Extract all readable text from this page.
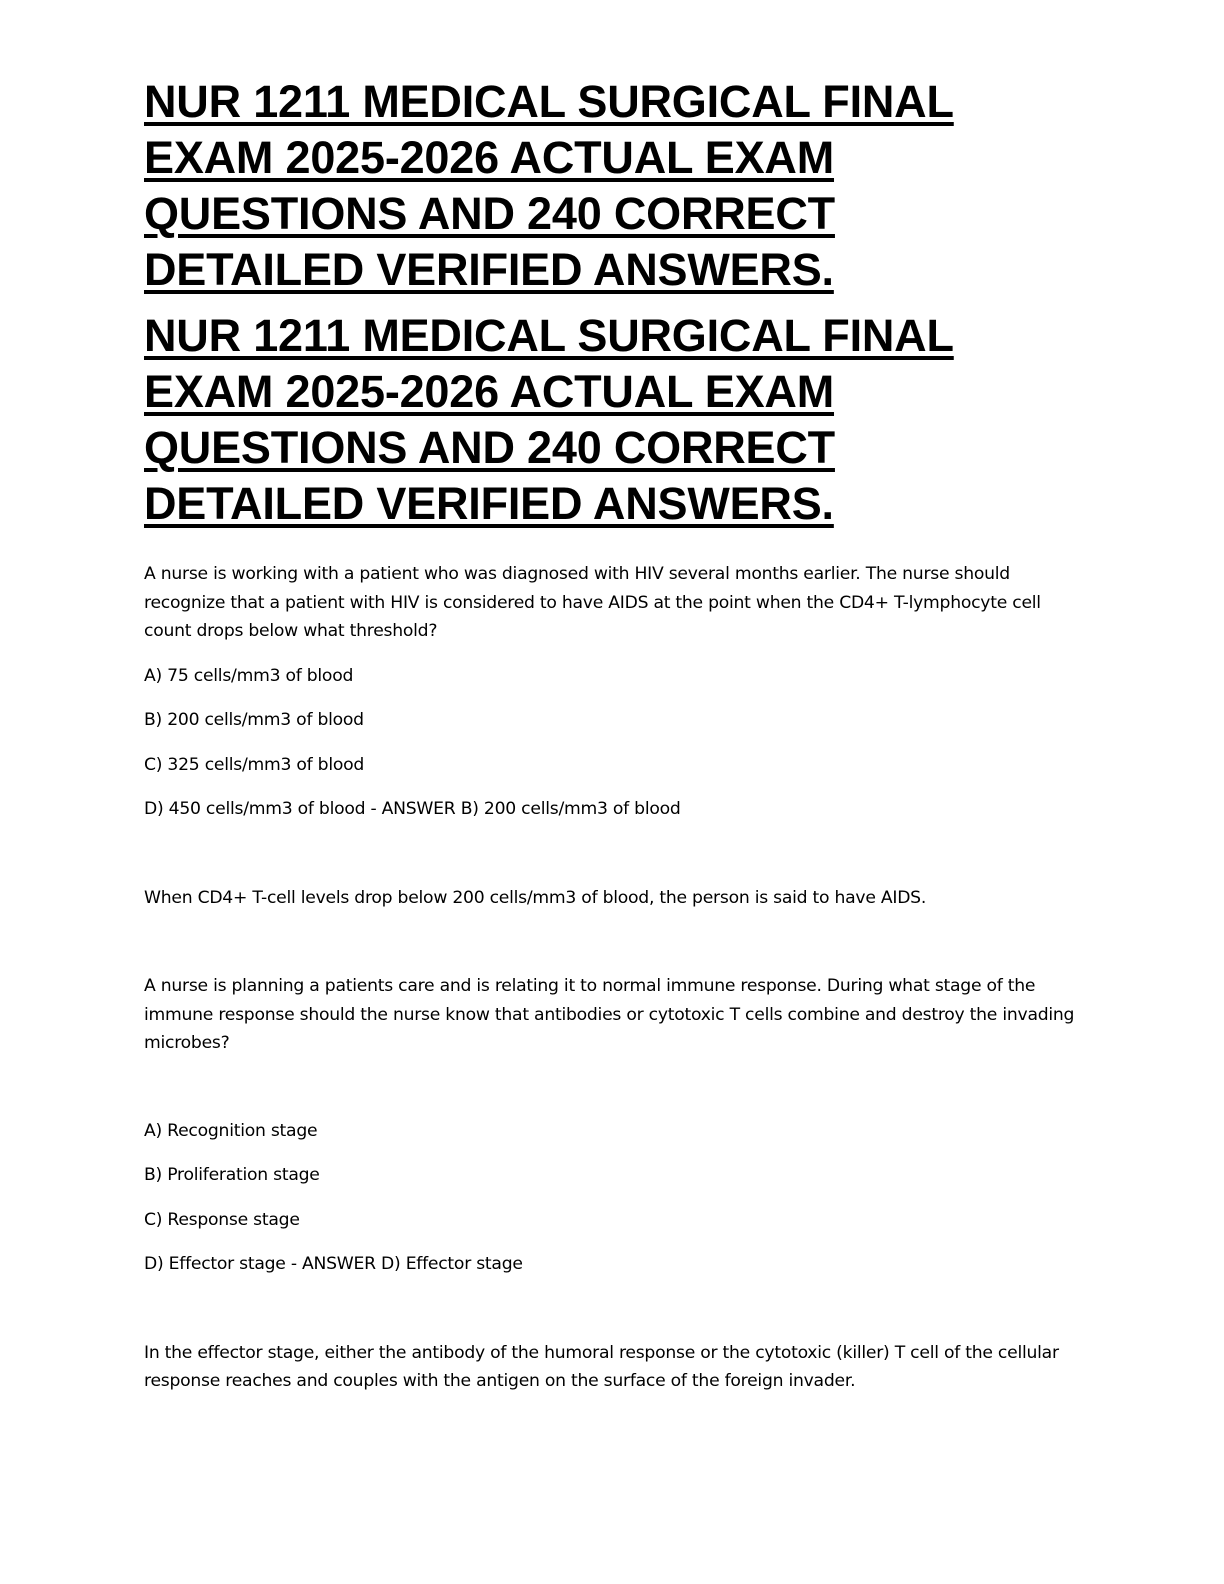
NUR 1211 MEDICAL SURGICAL FINAL
EXAM 2025-2026 ACTUAL EXAM
QUESTIONS AND 240 CORRECT
DETAILED VERIFIED ANSWERS.
NUR 1211 MEDICAL SURGICAL FINAL
EXAM 2025-2026 ACTUAL EXAM
QUESTIONS AND 240 CORRECT
DETAILED VERIFIED ANSWERS.

A nurse is working with a patient who was diagnosed with HIV several months earlier. The nurse should recognize that a patient with HIV is considered to have AIDS at the point when the CD4+ T-lymphocyte cell count drops below what threshold?

A) 75 cells/mm3 of blood

B) 200 cells/mm3 of blood

C) 325 cells/mm3 of blood

D) 450 cells/mm3 of blood - ANSWER B) 200 cells/mm3 of blood

When CD4+ T-cell levels drop below 200 cells/mm3 of blood, the person is said to have AIDS.

A nurse is planning a patients care and is relating it to normal immune response. During what stage of the immune response should the nurse know that antibodies or cytotoxic T cells combine and destroy the invading microbes?

A) Recognition stage

B) Proliferation stage

C) Response stage

D) Effector stage - ANSWER D) Effector stage

In the effector stage, either the antibody of the humoral response or the cytotoxic (killer) T cell of the cellular response reaches and couples with the antigen on the surface of the foreign invader.
